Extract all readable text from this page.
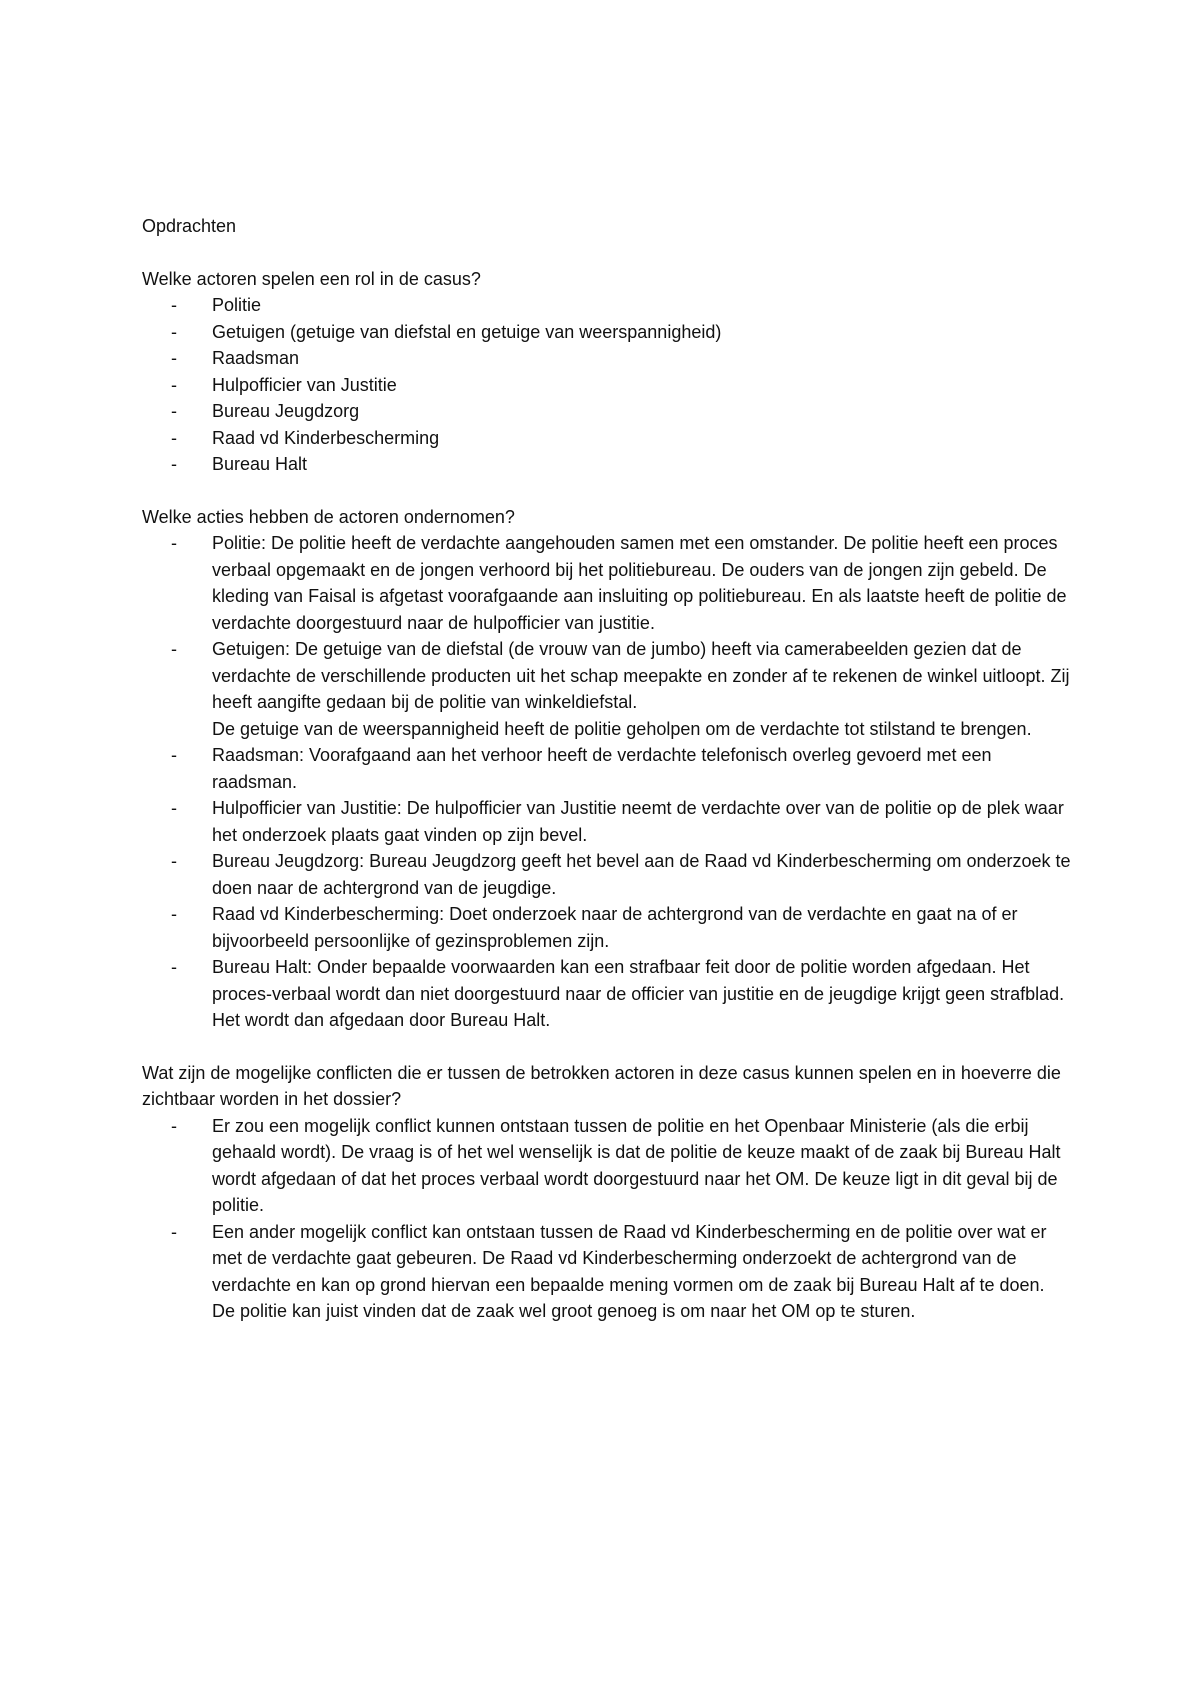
Opdrachten

Welke actoren spelen een rol in de casus?

- Politie
- Getuigen (getuige van diefstal en getuige van weerspannigheid)
- Raadsman
- Hulpofficier van Justitie
- Bureau Jeugdzorg
- Raad vd Kinderbescherming
- Bureau Halt

Welke acties hebben de actoren ondernomen?

- Politie: De politie heeft de verdachte aangehouden samen met een omstander. De politie heeft een proces verbaal opgemaakt en de jongen verhoord bij het politiebureau. De ouders van de jongen zijn gebeld. De kleding van Faisal is afgetast voorafgaande aan insluiting op politiebureau. En als laatste heeft de politie de verdachte doorgestuurd naar de hulpofficier van justitie.
- Getuigen: De getuige van de diefstal (de vrouw van de jumbo) heeft via camerabeelden gezien dat de verdachte de verschillende producten uit het schap meepakte en zonder af te rekenen de winkel uitloopt. Zij heeft aangifte gedaan bij de politie van winkeldiefstal.
De getuige van de weerspannigheid heeft de politie geholpen om de verdachte tot stilstand te brengen.
- Raadsman: Voorafgaand aan het verhoor heeft de verdachte telefonisch overleg gevoerd met een raadsman.
- Hulpofficier van Justitie: De hulpofficier van Justitie neemt de verdachte over van de politie op de plek waar het onderzoek plaats gaat vinden op zijn bevel.
- Bureau Jeugdzorg: Bureau Jeugdzorg geeft het bevel aan de Raad vd Kinderbescherming om onderzoek te doen naar de achtergrond van de jeugdige.
- Raad vd Kinderbescherming: Doet onderzoek naar de achtergrond van de verdachte en gaat na of er bijvoorbeeld persoonlijke of gezinsproblemen zijn.
- Bureau Halt: Onder bepaalde voorwaarden kan een strafbaar feit door de politie worden afgedaan. Het proces-verbaal wordt dan niet doorgestuurd naar de officier van justitie en de jeugdige krijgt geen strafblad. Het wordt dan afgedaan door Bureau Halt.

Wat zijn de mogelijke conflicten die er tussen de betrokken actoren in deze casus kunnen spelen en in hoeverre die zichtbaar worden in het dossier?

- Er zou een mogelijk conflict kunnen ontstaan tussen de politie en het Openbaar Ministerie (als die erbij gehaald wordt). De vraag is of het wel wenselijk is dat de politie de keuze maakt of de zaak bij Bureau Halt wordt afgedaan of dat het proces verbaal wordt doorgestuurd naar het OM. De keuze ligt in dit geval bij de politie.
- Een ander mogelijk conflict kan ontstaan tussen de Raad vd Kinderbescherming en de politie over wat er met de verdachte gaat gebeuren. De Raad vd Kinderbescherming onderzoekt de achtergrond van de verdachte en kan op grond hiervan een bepaalde mening vormen om de zaak bij Bureau Halt af te doen. De politie kan juist vinden dat de zaak wel groot genoeg is om naar het OM op te sturen.
